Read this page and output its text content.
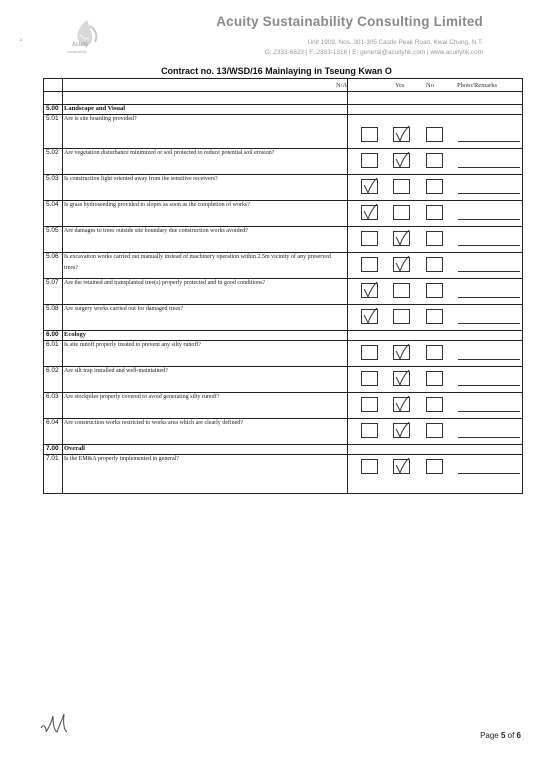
Acuity
sustainability
a
Acuity Sustainability Consulting Limited
Unit 1909, Nos. 301-305 Castle Peak Road, Kwai Chung, N.T.
O: 2333-6823 | F: 2333-1316 | E: general@acuityhk.com | www.acuityhk.com
Contract no. 13/WSD/16 Mainlaying in Tseung Kwan O
N/A	Yes	No	Photo/Remarks
5.00 Landscape and Visual
5.01 Are is site hoarding provided?
5.02 Are vegetation disturbance minimized or soil protected to reduce potential soil erosion?
5.03 Is construction light oriented away from the sensitive receivers?
5.04 Is grass hydroseeding provided to slopes as soon as the completion of works?
5.05 Are damages to trees outside site boundary due construction works avoided?
5.06 Is excavation works carried out manually instead of machinery operation within 2.5m vicinity of any preserved trees?
5.07 Are the retained and transplanted tree(s) properly protected and in good conditions?
5.08 Are surgery works carried out for damaged trees?
6.00 Ecology
6.01 Is site runoff properly treated to prevent any silty runoff?
6.02 Are silt trap installed and well-maintained?
6.03 Are stockpiles properly covered to avoid generating silty runoff?
6.04 Are construction works restricted to works area which are clearly defined?
7.00 Overall
7.01 Is the EM&A properly implemented in general?
Page 5 of 6
